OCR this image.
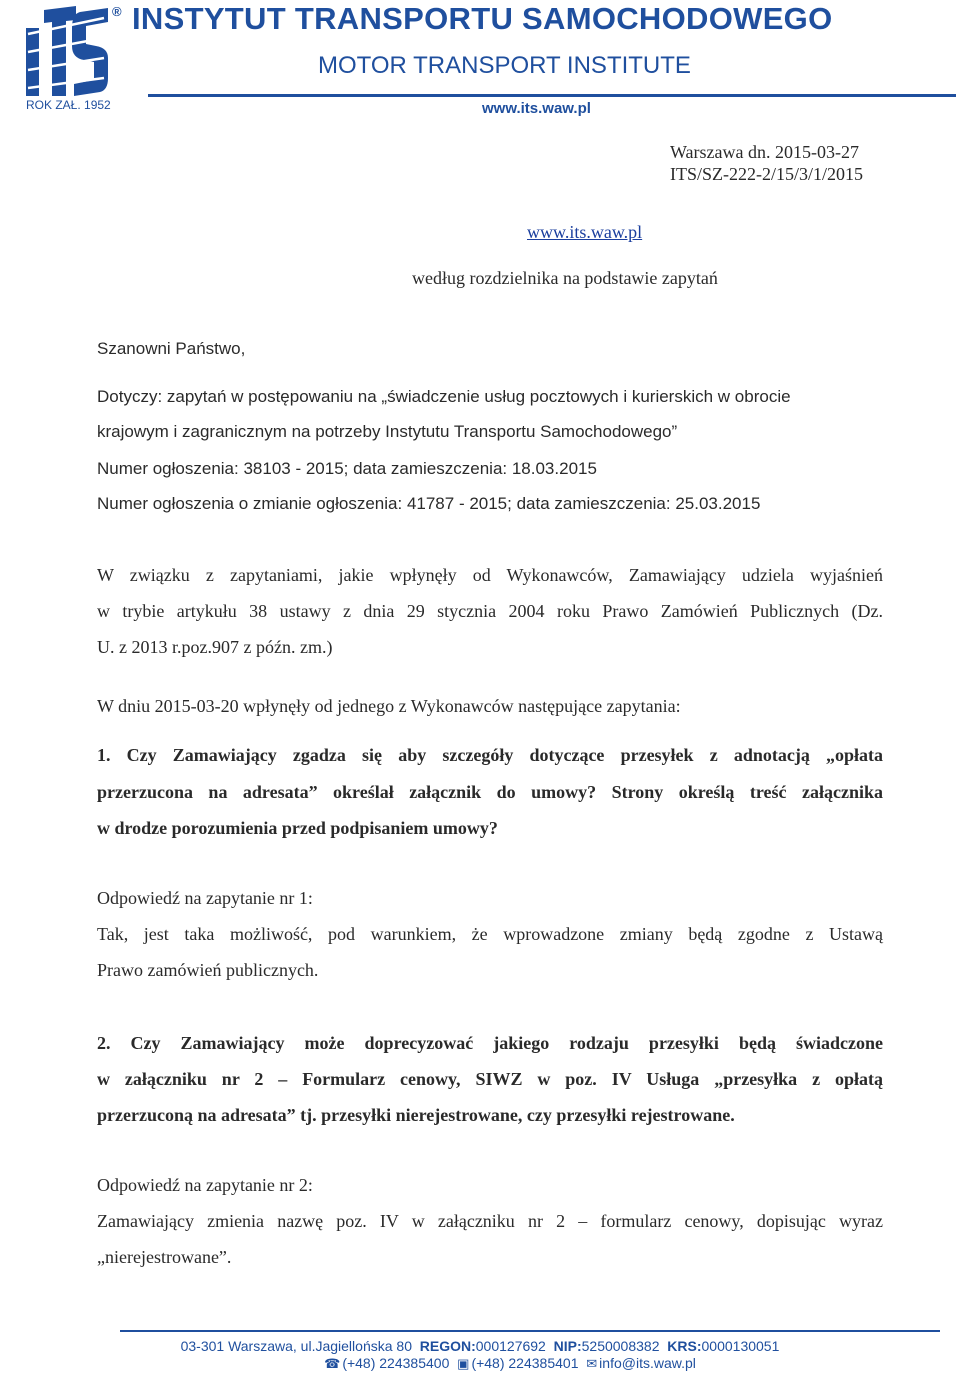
®
ROK ZAŁ. 1952
INSTYTUT TRANSPORTU SAMOCHODOWEGO
MOTOR TRANSPORT INSTITUTE
www.its.waw.pl
Warszawa dn. 2015-03-27
ITS/SZ-222-2/15/3/1/2015
www.its.waw.pl
według rozdzielnika na podstawie zapytań
Szanowni Państwo,
Dotyczy: zapytań w postępowaniu na „świadczenie usług pocztowych i kurierskich w obrocie
krajowym i zagranicznym na potrzeby Instytutu Transportu Samochodowego”
Numer ogłoszenia: 38103 - 2015; data zamieszczenia: 18.03.2015
Numer ogłoszenia o zmianie ogłoszenia: 41787 - 2015; data zamieszczenia: 25.03.2015
W związku z zapytaniami, jakie wpłynęły od Wykonawców, Zamawiający udziela wyjaśnień
w trybie artykułu 38 ustawy z dnia 29 stycznia 2004 roku Prawo Zamówień Publicznych (Dz.
U. z 2013 r.poz.907 z późn. zm.)
W dniu 2015-03-20 wpłynęły od jednego z Wykonawców następujące zapytania:
1. Czy Zamawiający zgadza się aby szczegóły dotyczące przesyłek z adnotacją „opłata
przerzucona na adresata” określał załącznik do umowy? Strony określą treść załącznika
w drodze porozumienia przed podpisaniem umowy?
Odpowiedź na zapytanie nr 1:
Tak, jest taka możliwość, pod warunkiem, że wprowadzone zmiany będą zgodne z Ustawą
Prawo zamówień publicznych.
2. Czy Zamawiający może doprecyzować jakiego rodzaju przesyłki będą świadczone
w załączniku nr 2 – Formularz cenowy, SIWZ w poz. IV Usługa „przesyłka z opłatą
przerzuconą na adresata” tj. przesyłki nierejestrowane, czy przesyłki rejestrowane.
Odpowiedź na zapytanie nr 2:
Zamawiający zmienia nazwę poz. IV w załączniku nr 2 – formularz cenowy, dopisując wyraz
„nierejestrowane”.
03-301 Warszawa, ul.Jagiellońska 80 REGON:000127692 NIP:5250008382 KRS:0000130051
☎ (+48) 224385400 ▣ (+48) 224385401 ✉ info@its.waw.pl
